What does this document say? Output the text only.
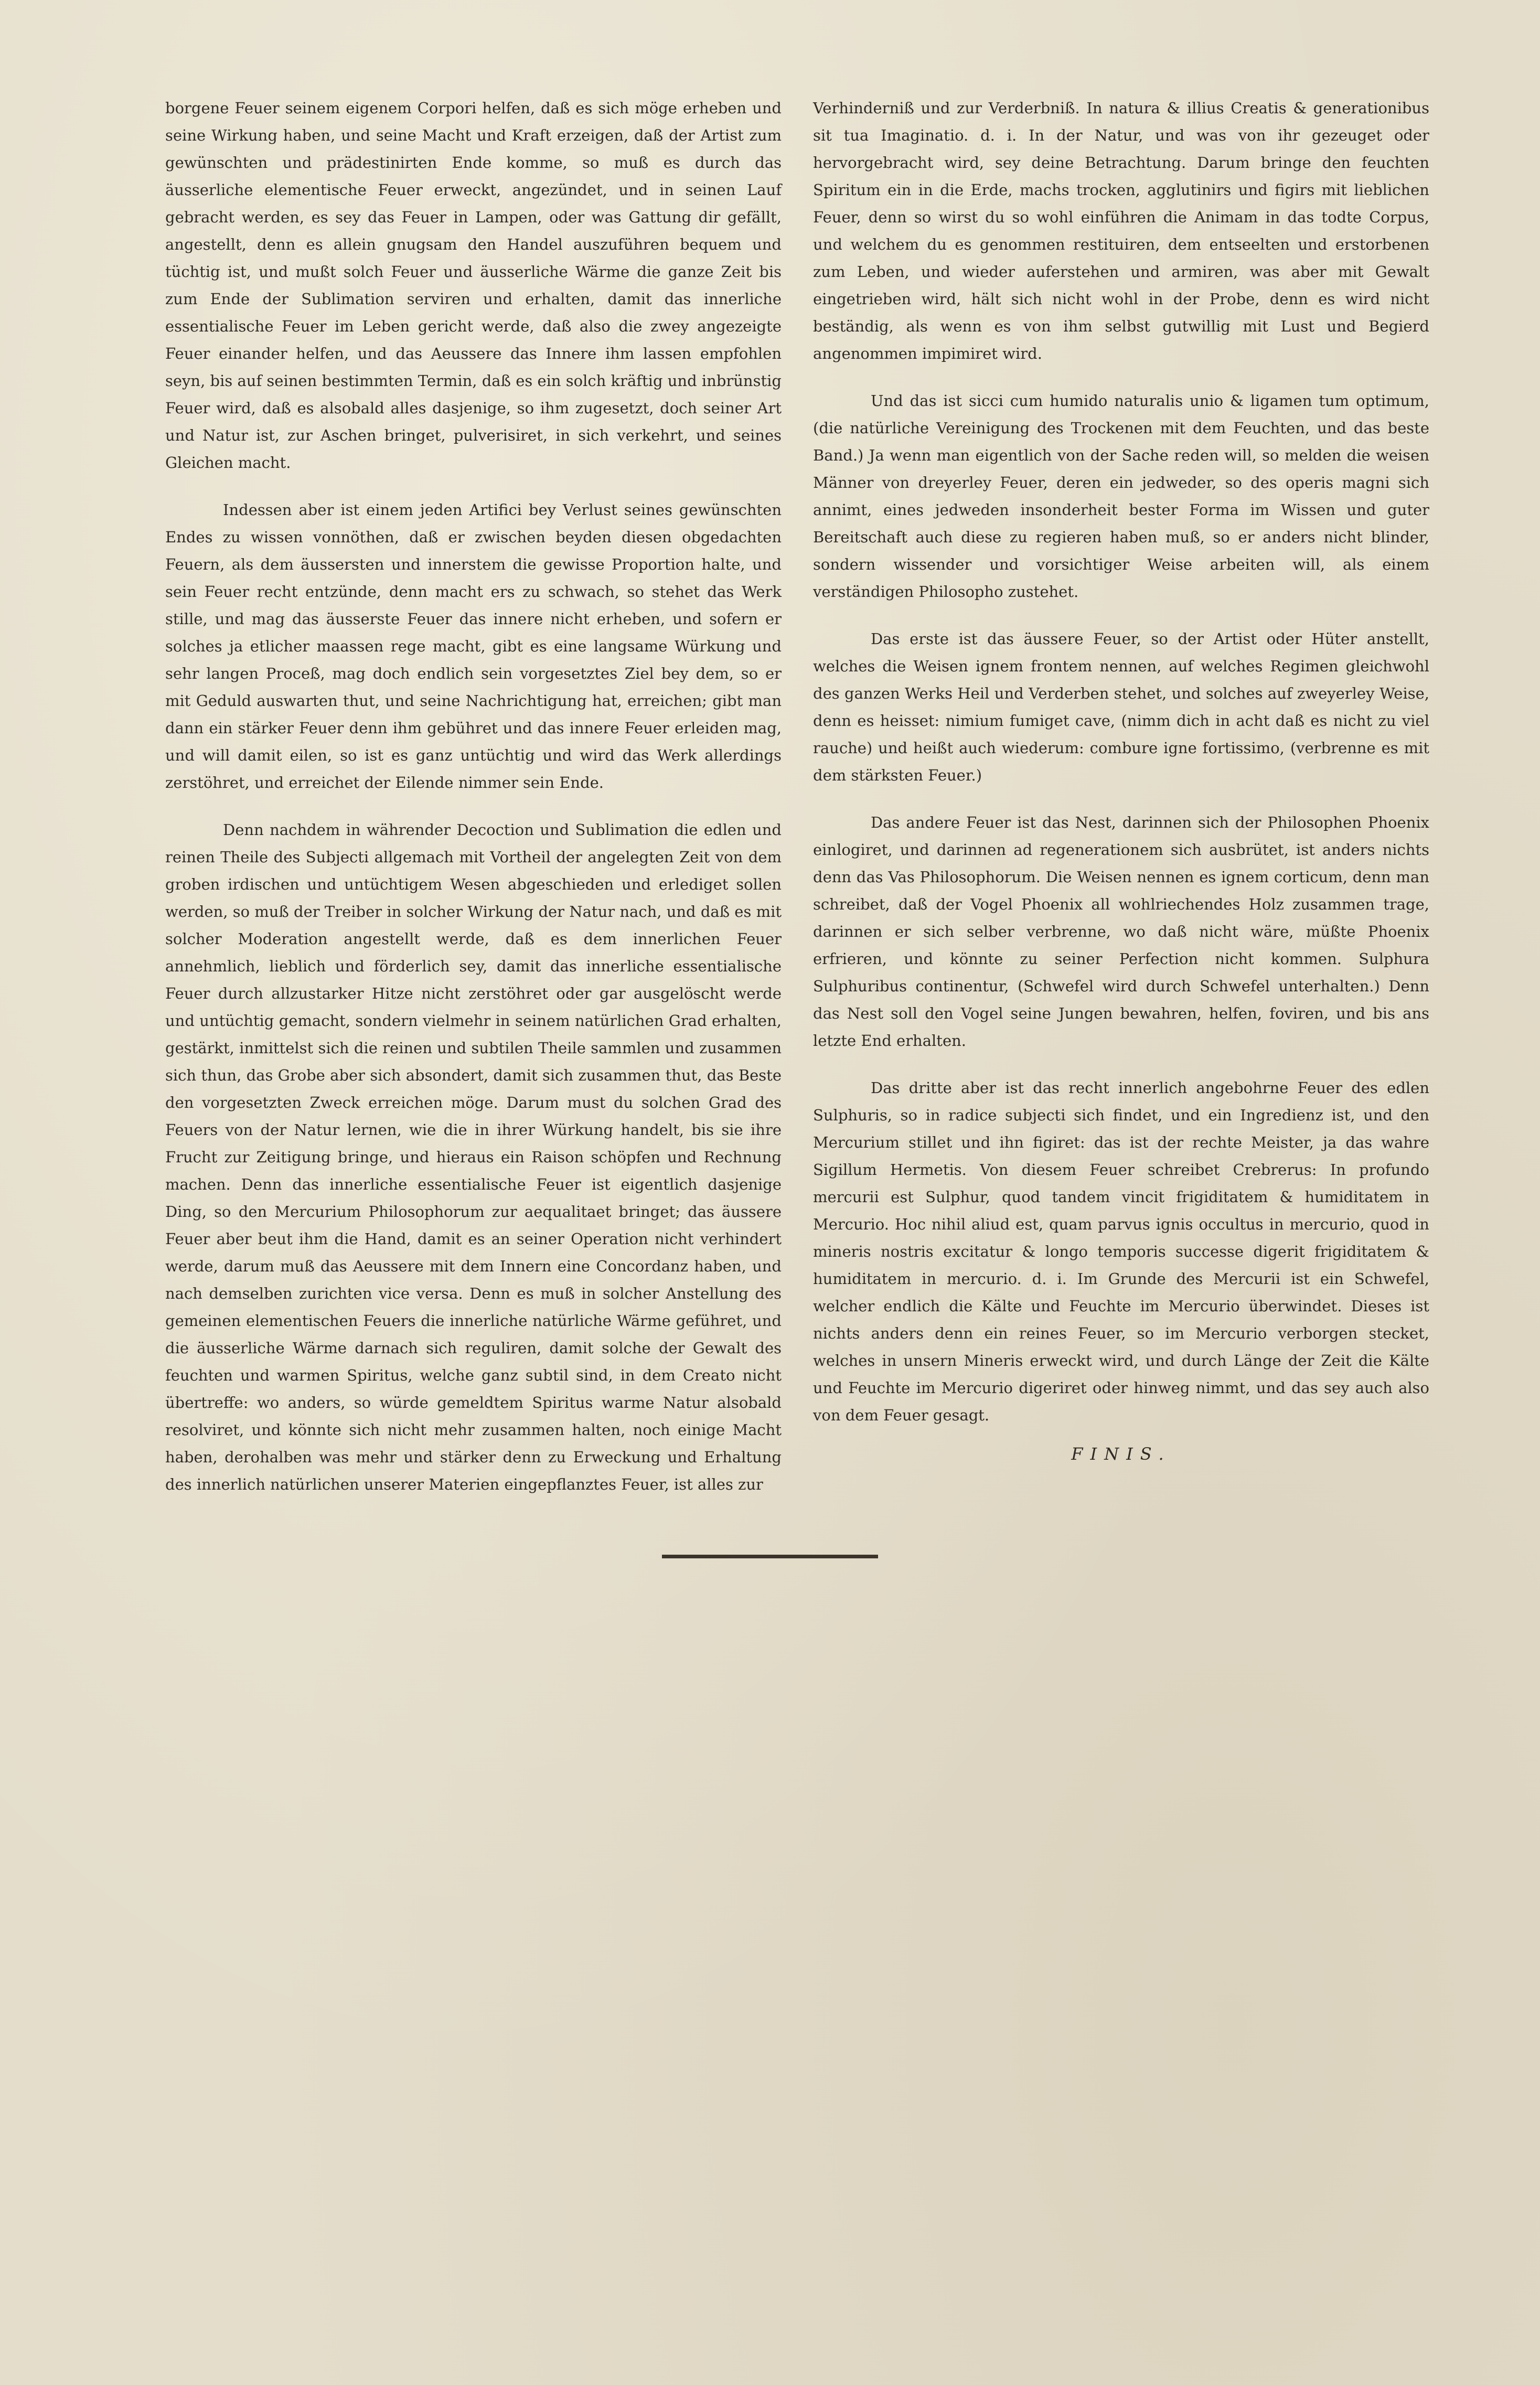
borgene Feuer seinem eigenem Corpori helfen, daß es sich möge erheben und seine Wirkung haben, und seine Macht und Kraft erzeigen, daß der Artist zum gewünschten und prädestinirten Ende komme, so muß es durch das äusserliche elementische Feuer erweckt, angezündet, und in seinen Lauf gebracht werden, es sey das Feuer in Lampen, oder was Gattung dir gefällt, angestellt, denn es allein gnugsam den Handel auszuführen bequem und tüchtig ist, und mußt solch Feuer und äusserliche Wärme die ganze Zeit bis zum Ende der Sublimation serviren und erhalten, damit das innerliche essentialische Feuer im Leben gericht werde, daß also die zwey angezeigte Feuer einander helfen, und das Aeussere das Innere ihm lassen empfohlen seyn, bis auf seinen bestimmten Termin, daß es ein solch kräftig und inbrünstig Feuer wird, daß es alsobald alles dasjenige, so ihm zugesetzt, doch seiner Art und Natur ist, zur Aschen bringet, pulverisiret, in sich verkehrt, und seines Gleichen macht.

Indessen aber ist einem jeden Artifici bey Verlust seines gewünschten Endes zu wissen vonnöthen, daß er zwischen beyden diesen obgedachten Feuern, als dem äussersten und innerstem die gewisse Proportion halte, und sein Feuer recht entzünde, denn macht ers zu schwach, so stehet das Werk stille, und mag das äusserste Feuer das innere nicht erheben, und sofern er solches ja etlicher maassen rege macht, gibt es eine langsame Würkung und sehr langen Proceß, mag doch endlich sein vorgesetztes Ziel bey dem, so er mit Geduld auswarten thut, und seine Nachrichtigung hat, erreichen; gibt man dann ein stärker Feuer denn ihm gebühret und das innere Feuer erleiden mag, und will damit eilen, so ist es ganz untüchtig und wird das Werk allerdings zerstöhret, und erreichet der Eilende nimmer sein Ende.

Denn nachdem in währender Decoction und Sublimation die edlen und reinen Theile des Subjecti allgemach mit Vortheil der angelegten Zeit von dem groben irdischen und untüchtigem Wesen abgeschieden und erlediget sollen werden, so muß der Treiber in solcher Wirkung der Natur nach, und daß es mit solcher Moderation angestellt werde, daß es dem innerlichen Feuer annehmlich, lieblich und förderlich sey, damit das innerliche essentialische Feuer durch allzustarker Hitze nicht zerstöhret oder gar ausgelöscht werde und untüchtig gemacht, sondern vielmehr in seinem natürlichen Grad erhalten, gestärkt, inmittelst sich die reinen und subtilen Theile sammlen und zusammen sich thun, das Grobe aber sich absondert, damit sich zusammen thut, das Beste den vorgesetzten Zweck erreichen möge. Darum must du solchen Grad des Feuers von der Natur lernen, wie die in ihrer Würkung handelt, bis sie ihre Frucht zur Zeitigung bringe, und hieraus ein Raison schöpfen und Rechnung machen. Denn das innerliche essentialische Feuer ist eigentlich dasjenige Ding, so den Mercurium Philosophorum zur aequalitaet bringet; das äussere Feuer aber beut ihm die Hand, damit es an seiner Operation nicht verhindert werde, darum muß das Aeussere mit dem Innern eine Concordanz haben, und nach demselben zurichten vice versa. Denn es muß in solcher Anstellung des gemeinen elementischen Feuers die innerliche natürliche Wärme geführet, und die äusserliche Wärme darnach sich reguliren, damit solche der Gewalt des feuchten und warmen Spiritus, welche ganz subtil sind, in dem Creato nicht übertreffe: wo anders, so würde gemeldtem Spiritus warme Natur alsobald resolviret, und könnte sich nicht mehr zusammen halten, noch einige Macht haben, derohalben was mehr und stärker denn zu Erweckung und Erhaltung des innerlich natürlichen unserer Materien eingepflanztes Feuer, ist alles zur

Verhinderniß und zur Verderbniß. In natura & illius Creatis & generationibus sit tua Imaginatio. d. i. In der Natur, und was von ihr gezeuget oder hervorgebracht wird, sey deine Betrachtung. Darum bringe den feuchten Spiritum ein in die Erde, machs trocken, agglutinirs und figirs mit lieblichen Feuer, denn so wirst du so wohl einführen die Animam in das todte Corpus, und welchem du es genommen restituiren, dem entseelten und erstorbenen zum Leben, und wieder auferstehen und armiren, was aber mit Gewalt eingetrieben wird, hält sich nicht wohl in der Probe, denn es wird nicht beständig, als wenn es von ihm selbst gutwillig mit Lust und Begierd angenommen impimiret wird.

Und das ist sicci cum humido naturalis unio & ligamen tum optimum, (die natürliche Vereinigung des Trockenen mit dem Feuchten, und das beste Band.) Ja wenn man eigentlich von der Sache reden will, so melden die weisen Männer von dreyerley Feuer, deren ein jedweder, so des operis magni sich annimt, eines jedweden insonderheit bester Forma im Wissen und guter Bereitschaft auch diese zu regieren haben muß, so er anders nicht blinder, sondern wissender und vorsichtiger Weise arbeiten will, als einem verständigen Philosopho zustehet.

Das erste ist das äussere Feuer, so der Artist oder Hüter anstellt, welches die Weisen ignem frontem nennen, auf welches Regimen gleichwohl des ganzen Werks Heil und Verderben stehet, und solches auf zweyerley Weise, denn es heisset: nimium fumiget cave, (nimm dich in acht daß es nicht zu viel rauche) und heißt auch wiederum: combure igne fortissimo, (verbrenne es mit dem stärksten Feuer.)

Das andere Feuer ist das Nest, darinnen sich der Philosophen Phoenix einlogiret, und darinnen ad regenerationem sich ausbrütet, ist anders nichts denn das Vas Philosophorum. Die Weisen nennen es ignem corticum, denn man schreibet, daß der Vogel Phoenix all wohlriechendes Holz zusammen trage, darinnen er sich selber verbrenne, wo daß nicht wäre, müßte Phoenix erfrieren, und könnte zu seiner Perfection nicht kommen. Sulphura Sulphuribus continentur, (Schwefel wird durch Schwefel unterhalten.) Denn das Nest soll den Vogel seine Jungen bewahren, helfen, foviren, und bis ans letzte End erhalten.

Das dritte aber ist das recht innerlich angebohrne Feuer des edlen Sulphuris, so in radice subjecti sich findet, und ein Ingredienz ist, und den Mercurium stillet und ihn figiret: das ist der rechte Meister, ja das wahre Sigillum Hermetis. Von diesem Feuer schreibet Crebrerus: In profundo mercurii est Sulphur, quod tandem vincit frigiditatem & humiditatem in Mercurio. Hoc nihil aliud est, quam parvus ignis occultus in mercurio, quod in mineris nostris excitatur & longo temporis successe digerit frigiditatem & humiditatem in mercurio. d. i. Im Grunde des Mercurii ist ein Schwefel, welcher endlich die Kälte und Feuchte im Mercurio überwindet. Dieses ist nichts anders denn ein reines Feuer, so im Mercurio verborgen stecket, welches in unsern Mineris erweckt wird, und durch Länge der Zeit die Kälte und Feuchte im Mercurio digeriret oder hinweg nimmt, und das sey auch also von dem Feuer gesagt.

FINIS.
